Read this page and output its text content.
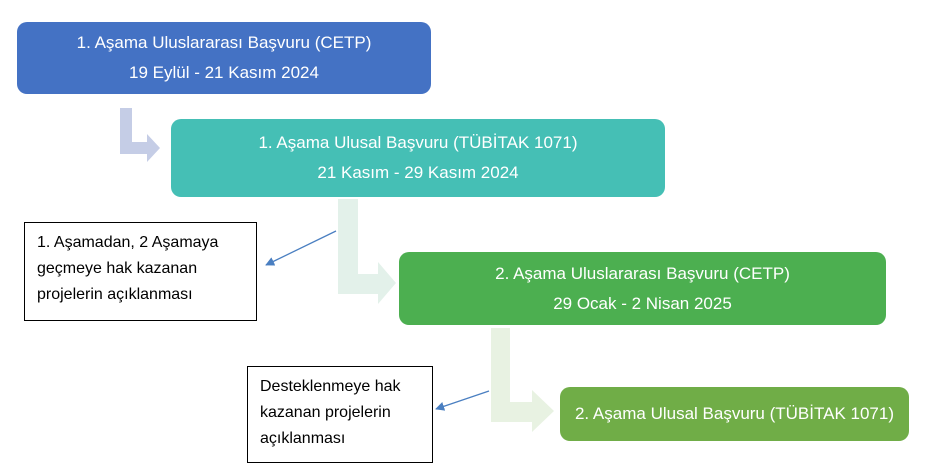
1. Aşama Uluslararası Başvuru (CETP)
19 Eylül - 21 Kasım 2024
1. Aşama Ulusal Başvuru (TÜBİTAK 1071)
21 Kasım - 29 Kasım 2024
2. Aşama Uluslararası Başvuru (CETP)
29 Ocak - 2 Nisan 2025
2. Aşama Ulusal Başvuru (TÜBİTAK 1071)
1. Aşamadan, 2 Aşamaya geçmeye hak kazanan projelerin açıklanması
Desteklenmeye hak kazanan projelerin açıklanması
